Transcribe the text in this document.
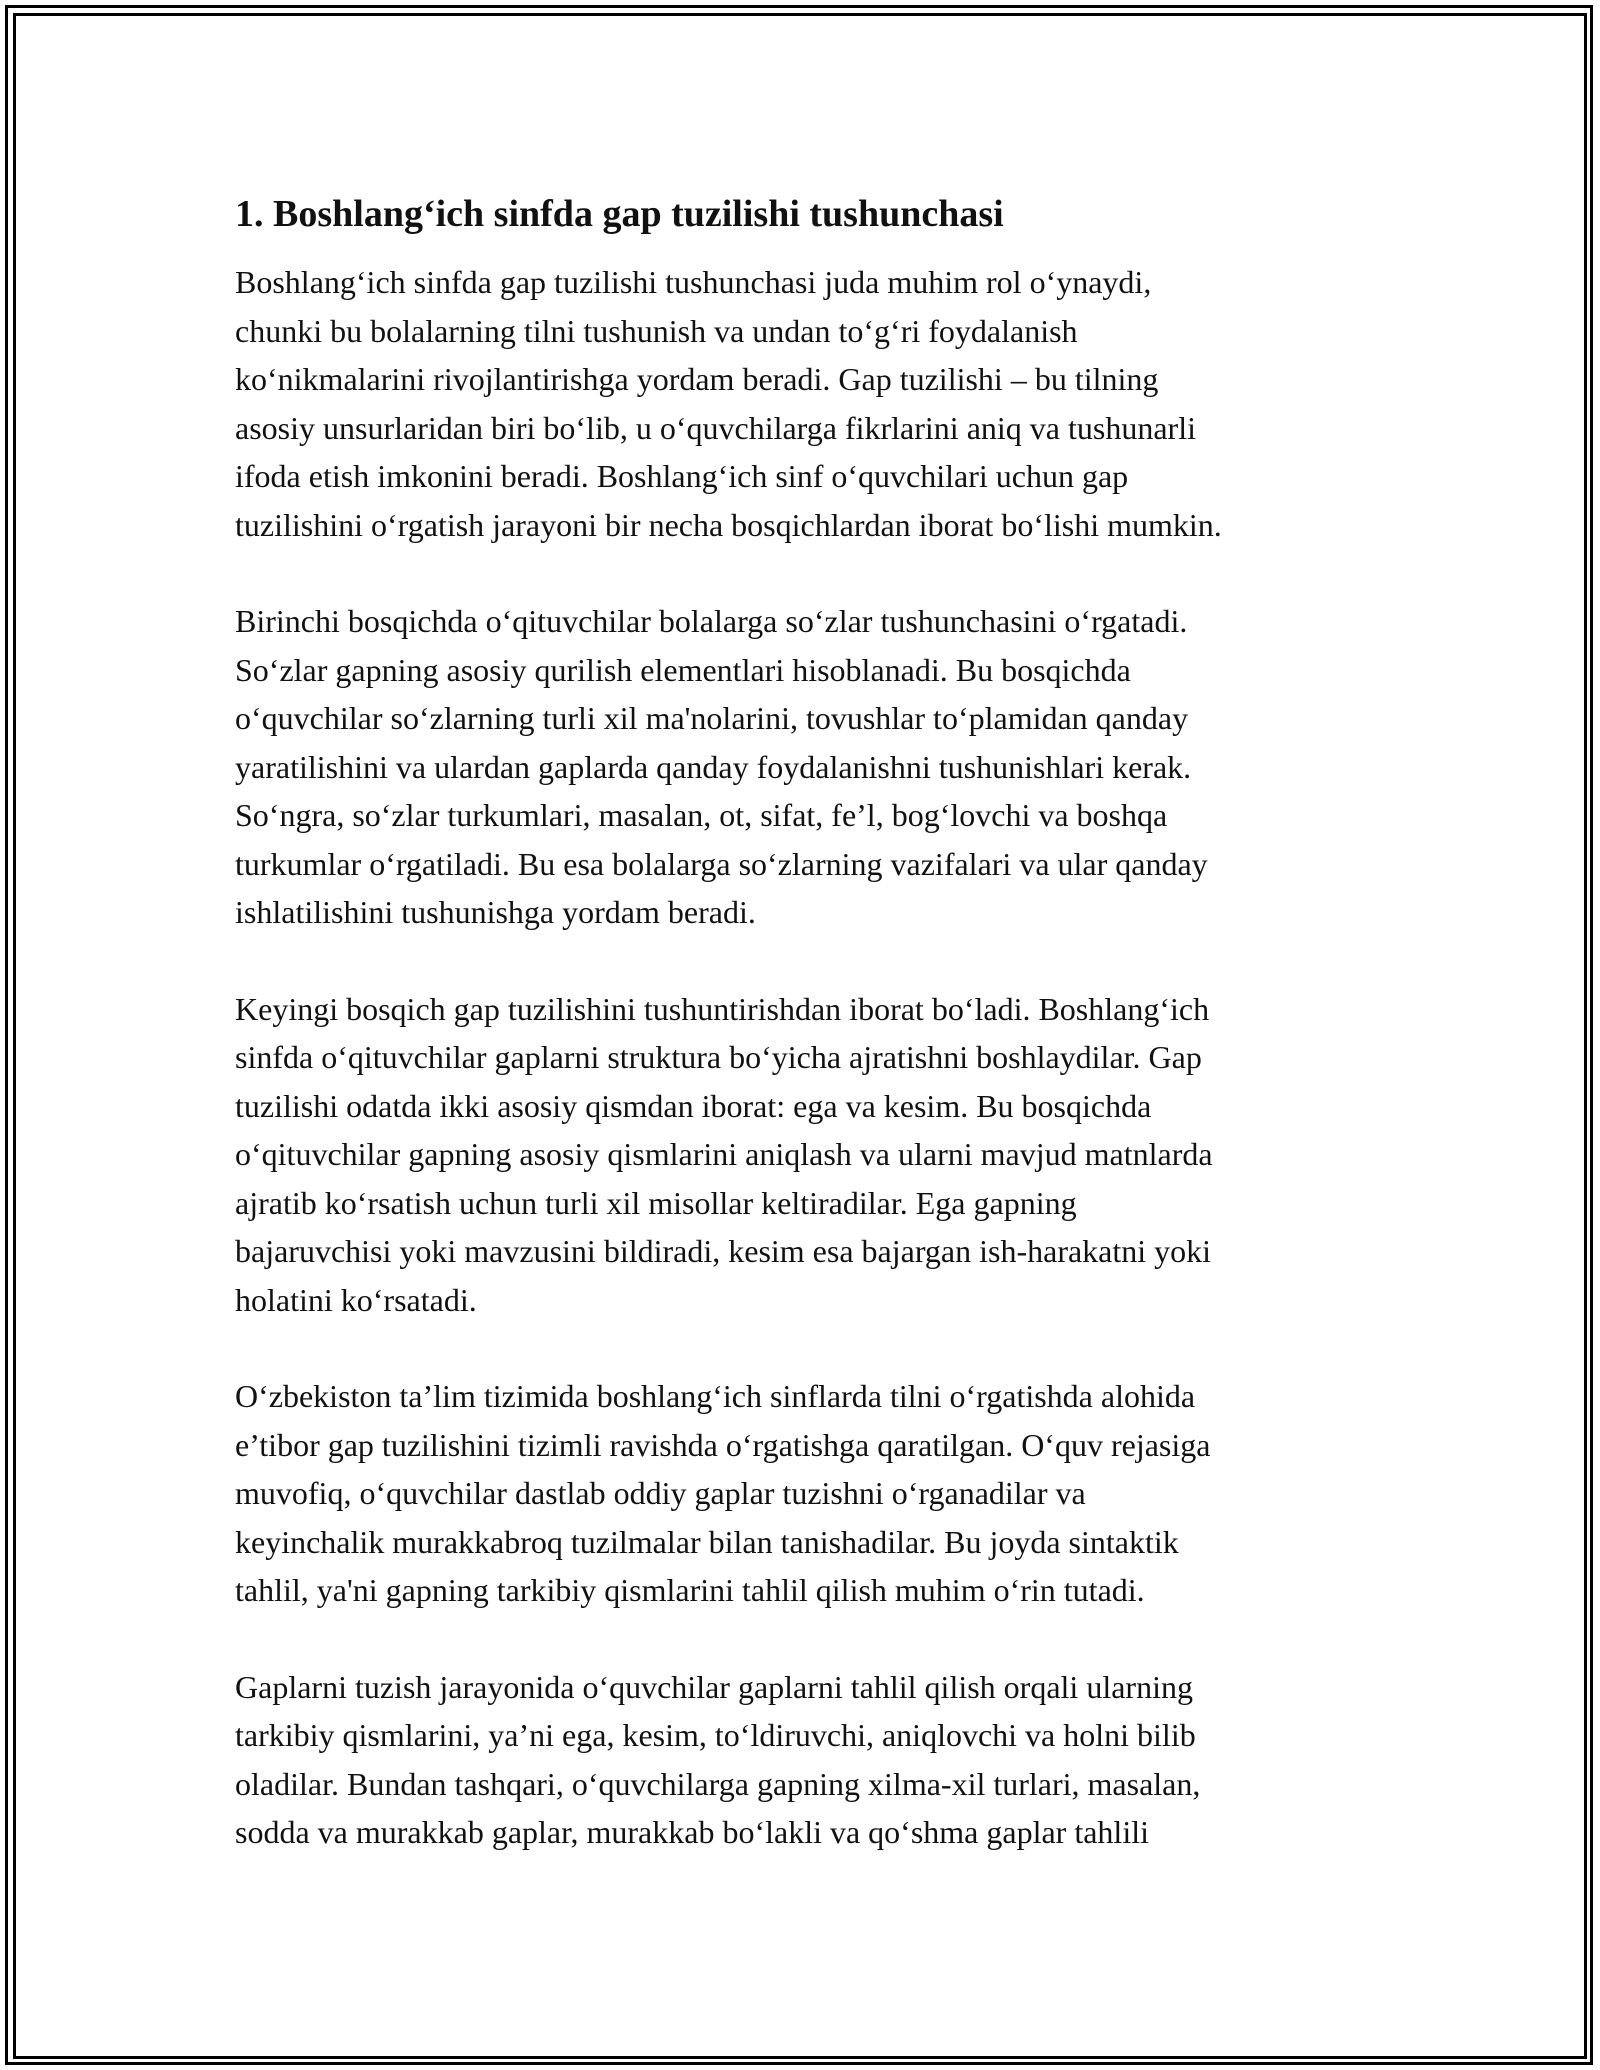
1. Boshlang‘ich sinfda gap tuzilishi tushunchasi

Boshlang‘ich sinfda gap tuzilishi tushunchasi juda muhim rol o‘ynaydi,
chunki bu bolalarning tilni tushunish va undan to‘g‘ri foydalanish
ko‘nikmalarini rivojlantirishga yordam beradi. Gap tuzilishi – bu tilning
asosiy unsurlaridan biri bo‘lib, u o‘quvchilarga fikrlarini aniq va tushunarli
ifoda etish imkonini beradi. Boshlang‘ich sinf o‘quvchilari uchun gap
tuzilishini o‘rgatish jarayoni bir necha bosqichlardan iborat bo‘lishi mumkin.

Birinchi bosqichda o‘qituvchilar bolalarga so‘zlar tushunchasini o‘rgatadi.
So‘zlar gapning asosiy qurilish elementlari hisoblanadi. Bu bosqichda
o‘quvchilar so‘zlarning turli xil ma'nolarini, tovushlar to‘plamidan qanday
yaratilishini va ulardan gaplarda qanday foydalanishni tushunishlari kerak.
So‘ngra, so‘zlar turkumlari, masalan, ot, sifat, fe’l, bog‘lovchi va boshqa
turkumlar o‘rgatiladi. Bu esa bolalarga so‘zlarning vazifalari va ular qanday
ishlatilishini tushunishga yordam beradi.

Keyingi bosqich gap tuzilishini tushuntirishdan iborat bo‘ladi. Boshlang‘ich
sinfda o‘qituvchilar gaplarni struktura bo‘yicha ajratishni boshlaydilar. Gap
tuzilishi odatda ikki asosiy qismdan iborat: ega va kesim. Bu bosqichda
o‘qituvchilar gapning asosiy qismlarini aniqlash va ularni mavjud matnlarda
ajratib ko‘rsatish uchun turli xil misollar keltiradilar. Ega gapning
bajaruvchisi yoki mavzusini bildiradi, kesim esa bajargan ish-harakatni yoki
holatini ko‘rsatadi.

O‘zbekiston ta’lim tizimida boshlang‘ich sinflarda tilni o‘rgatishda alohida
e’tibor gap tuzilishini tizimli ravishda o‘rgatishga qaratilgan. O‘quv rejasiga
muvofiq, o‘quvchilar dastlab oddiy gaplar tuzishni o‘rganadilar va
keyinchalik murakkabroq tuzilmalar bilan tanishadilar. Bu joyda sintaktik
tahlil, ya'ni gapning tarkibiy qismlarini tahlil qilish muhim o‘rin tutadi.

Gaplarni tuzish jarayonida o‘quvchilar gaplarni tahlil qilish orqali ularning
tarkibiy qismlarini, ya’ni ega, kesim, to‘ldiruvchi, aniqlovchi va holni bilib
oladilar. Bundan tashqari, o‘quvchilarga gapning xilma-xil turlari, masalan,
sodda va murakkab gaplar, murakkab bo‘lakli va qo‘shma gaplar tahlili
